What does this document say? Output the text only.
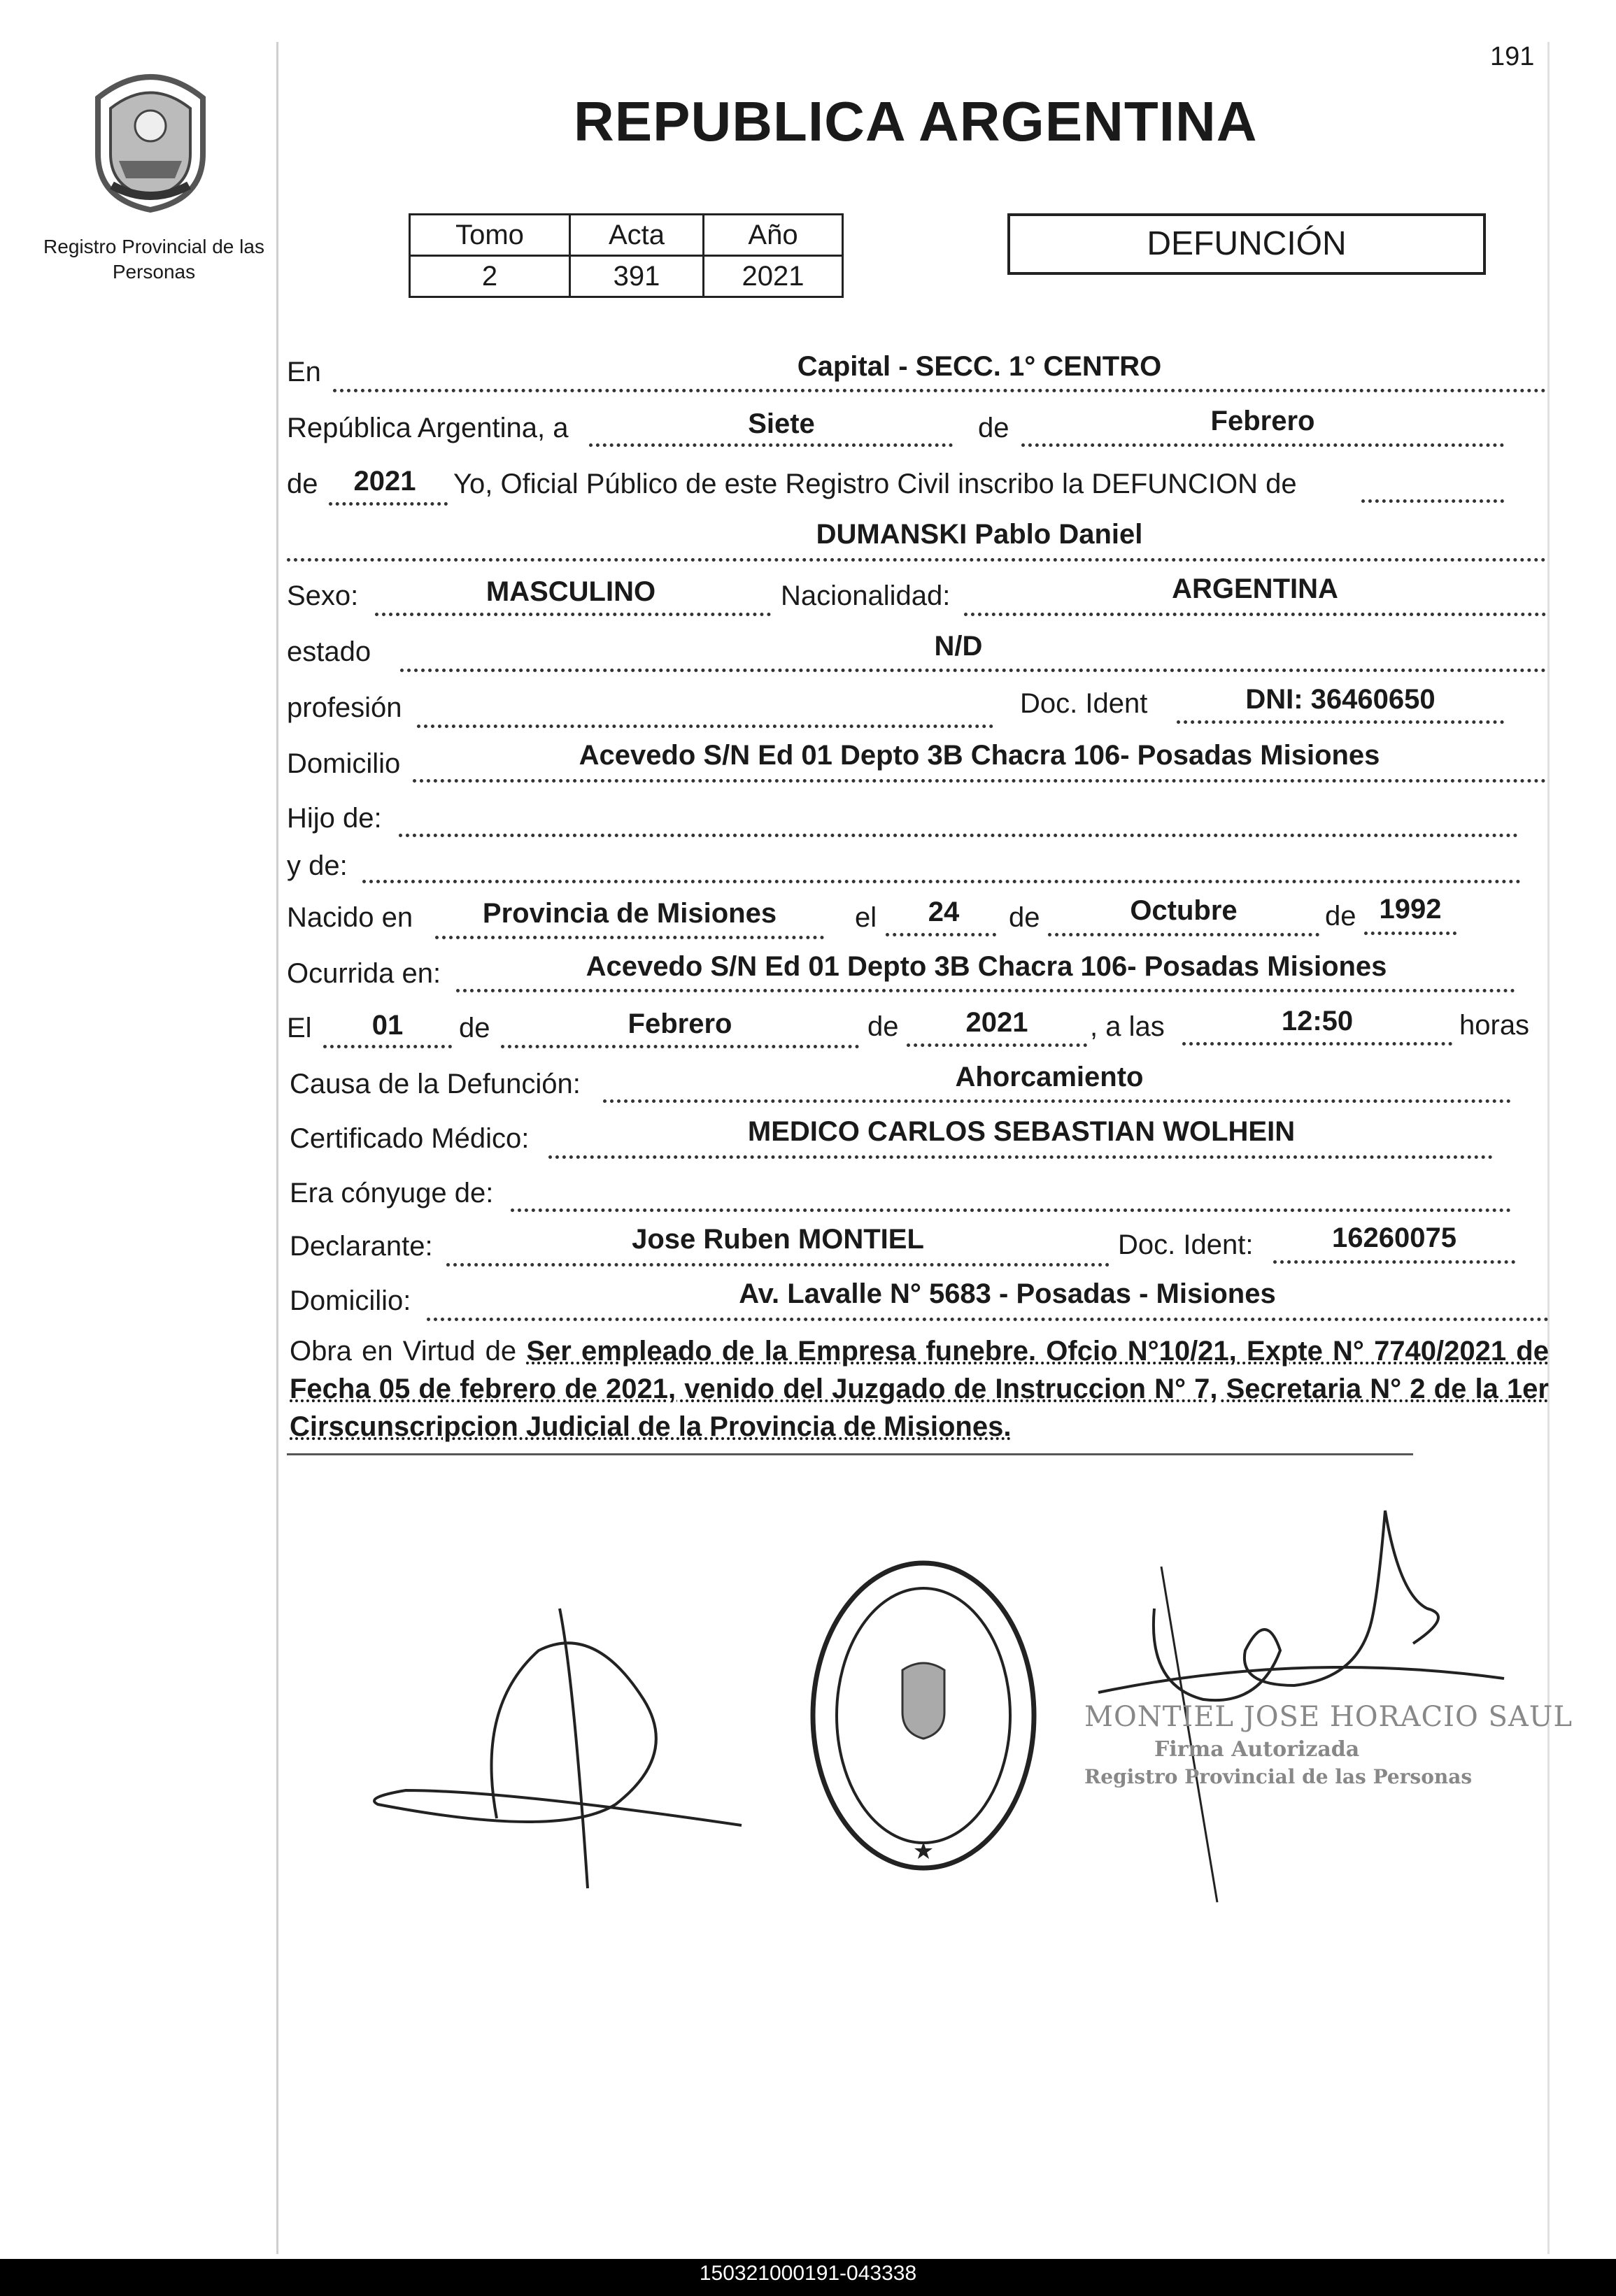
191
Registro Provincial de las Personas
REPUBLICA ARGENTINA
Tomo	Acta	Año
2	391	2021
DEFUNCIÓN
En	Capital - SECC. 1° CENTRO
República Argentina, a	Siete	de	Febrero
de	2021	Yo, Oficial Público de este Registro Civil inscribo la DEFUNCION de
DUMANSKI Pablo Daniel
Sexo:	MASCULINO	Nacionalidad:	ARGENTINA
estado	N/D
profesión	Doc. Ident	DNI: 36460650
Domicilio	Acevedo S/N Ed 01 Depto 3B Chacra 106- Posadas Misiones
Hijo de:
y de:
Nacido en	Provincia de Misiones	el	24	de	Octubre	de 1992
Ocurrida en:	Acevedo S/N Ed 01 Depto 3B Chacra 106- Posadas Misiones
El	01	de	Febrero	de	2021	, a las	12:50	horas
Causa de la Defunción:	Ahorcamiento
Certificado Médico:	MEDICO CARLOS SEBASTIAN WOLHEIN
Era cónyuge de:
Declarante:	Jose Ruben MONTIEL	Doc. Ident:	16260075
Domicilio:	Av. Lavalle N° 5683 - Posadas - Misiones
Obra en Virtud de Ser empleado de la Empresa funebre. Ofcio N°10/21, Expte N° 7740/2021 de Fecha 05 de febrero de 2021, venido del Juzgado de Instruccion N° 7, Secretaria N° 2 de la 1er Cirscunscripcion Judicial de la Provincia de Misiones.
★
MONTIEL JOSE HORACIO SAUL
Firma Autorizada
Registro Provincial de las Personas
150321000191-043338
